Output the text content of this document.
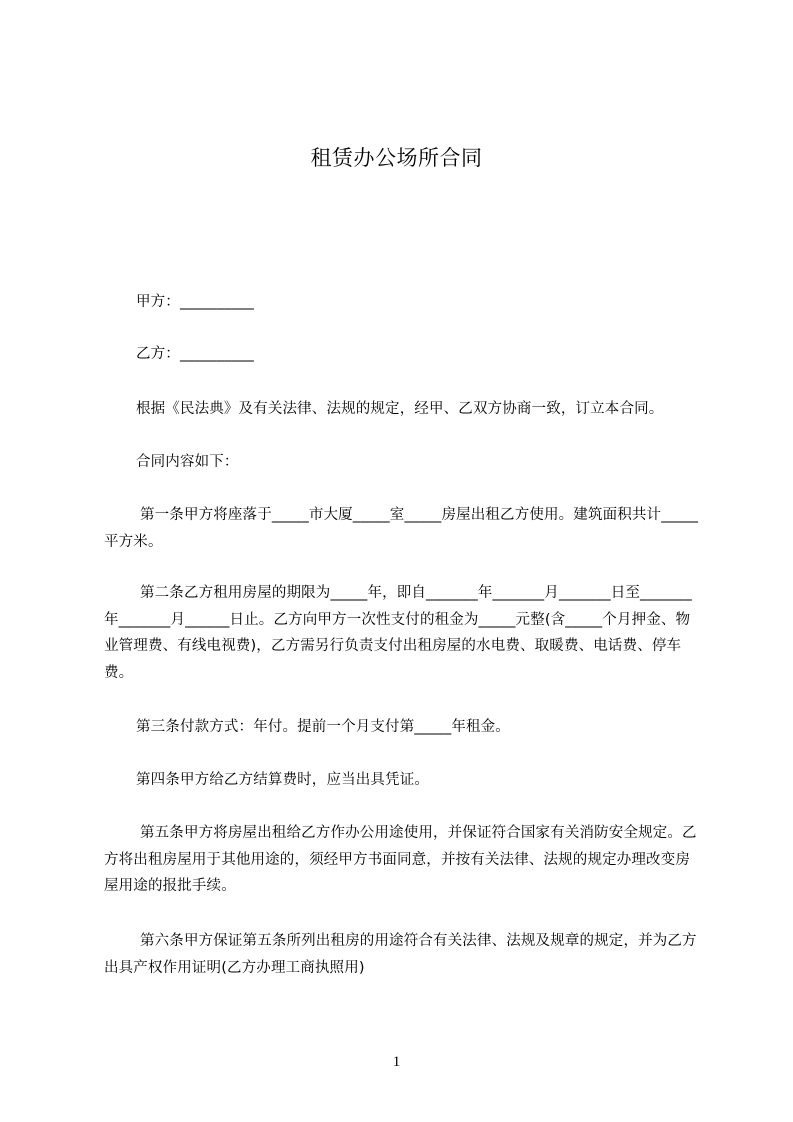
租赁办公场所合同
甲方：__________
乙方：__________
根据《民法典》及有关法律、法规的规定，经甲、乙双方协商一致，订立本合同。
合同内容如下：
第一条甲方将座落于_____市大厦_____室_____房屋出租乙方使用。建筑面积共计_____平方米。
第二条乙方租用房屋的期限为_____年，即自_______年_______月_______日至_______年_______月______日止。乙方向甲方一次性支付的租金为_____元整(含_____个月押金、物业管理费、有线电视费)，乙方需另行负责支付出租房屋的水电费、取暖费、电话费、停车费。
第三条付款方式：年付。提前一个月支付第_____年租金。
第四条甲方给乙方结算费时，应当出具凭证。
第五条甲方将房屋出租给乙方作办公用途使用，并保证符合国家有关消防安全规定。乙方将出租房屋用于其他用途的，须经甲方书面同意，并按有关法律、法规的规定办理改变房屋用途的报批手续。
第六条甲方保证第五条所列出租房的用途符合有关法律、法规及规章的规定，并为乙方出具产权作用证明(乙方办理工商执照用)
1
